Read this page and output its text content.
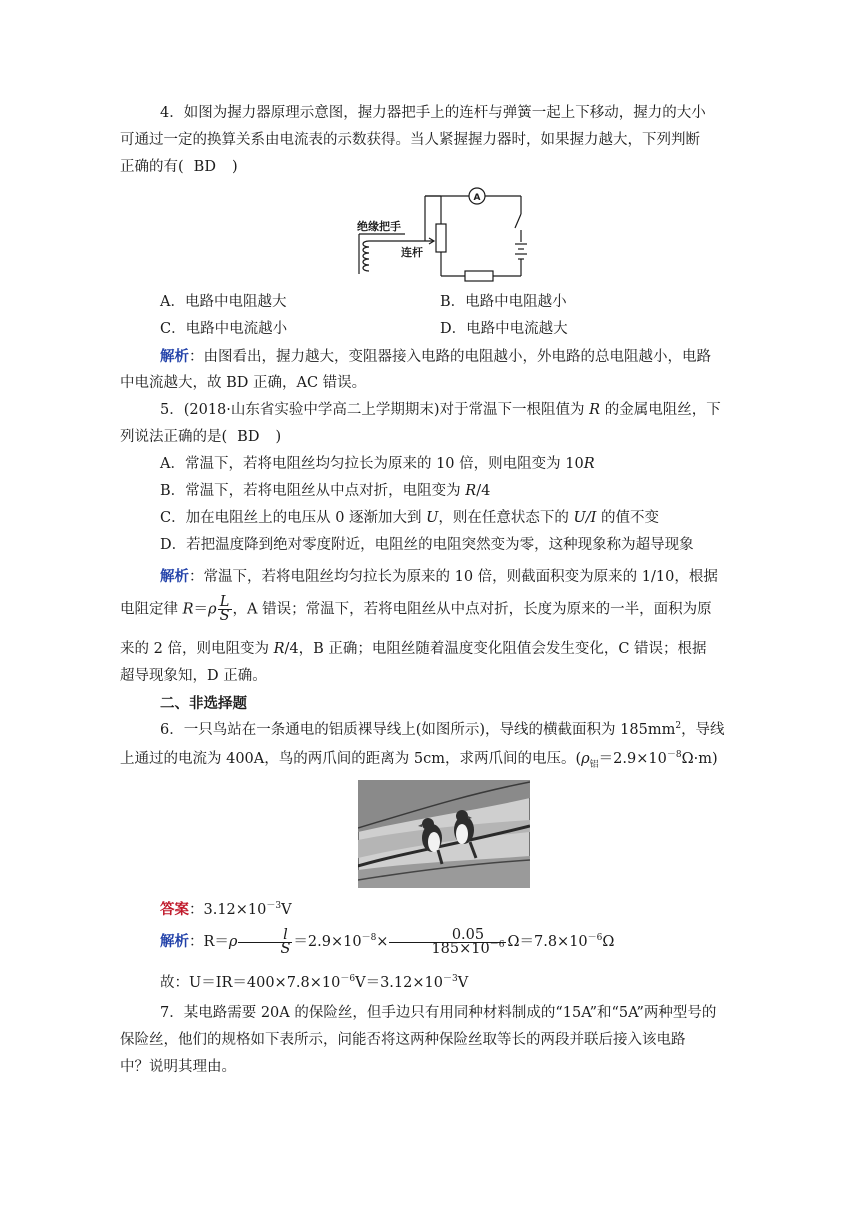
4．如图为握力器原理示意图，握力器把手上的连杆与弹簧一起上下移动，握力的大小

可通过一定的换算关系由电流表的示数获得。当人紧握握力器时，如果握力越大，下列判断

正确的有( BD )

绝缘把手
连杆
A
A．电路中电阻越大	B．电路中电阻越小
C．电路中电流越小	D．电路中电流越大

解析：由图看出，握力越大，变阻器接入电路的电阻越小，外电路的总电阻越小，电路

中电流越大，故 BD 正确，AC 错误。

5．(2018·山东省实验中学高二上学期期末)对于常温下一根阻值为 R 的金属电阻丝，下

列说法正确的是( BD )

A．常温下，若将电阻丝均匀拉长为原来的 10 倍，则电阻变为 10R

B．常温下，若将电阻丝从中点对折，电阻变为 R/4

C．加在电阻丝上的电压从 0 逐渐加大到 U，则在任意状态下的 U/I 的值不变

D．若把温度降到绝对零度附近，电阻丝的电阻突然变为零，这种现象称为超导现象

解析：常温下，若将电阻丝均匀拉长为原来的 10 倍，则截面积变为原来的 1/10，根据

电阻定律 $R=\rho \frac{L}{S}$ ，A 错误；常温下，若将电阻丝从中点对折，长度为原来的一半，面积为原

来的 2 倍，则电阻变为 R/4，B 正确；电阻丝随着温度变化阻值会发生变化，C 错误；根据

超导现象知，D 正确。

二、非选择题

6．一只鸟站在一条通电的铝质裸导线上(如图所示)，导线的横截面积为 $185mm^2$，导线

上通过的电流为 400A，鸟的两爪间的距离为 5cm，求两爪间的电压。$(\rho_铝=2.9\times 10^{-8}\Omega\cdot m)$

答案：$3.12\times 10^{-3}V$

解析：$R=\rho \frac{l}{S} =2.9\times 10^{-8}\times \frac{0.05}{185\times 10^{-6}} \Omega=7.8\times 10^{-6}\Omega$

故：$U=IR=400\times 7.8\times 10^{-6}V=3.12\times 10^{-3}V$

7．某电路需要 20A 的保险丝，但手边只有用同种材料制成的“15A”和“5A”两种型号的

保险丝，他们的规格如下表所示，问能否将这两种保险丝取等长的两段并联后接入该电路

中？说明其理由。
